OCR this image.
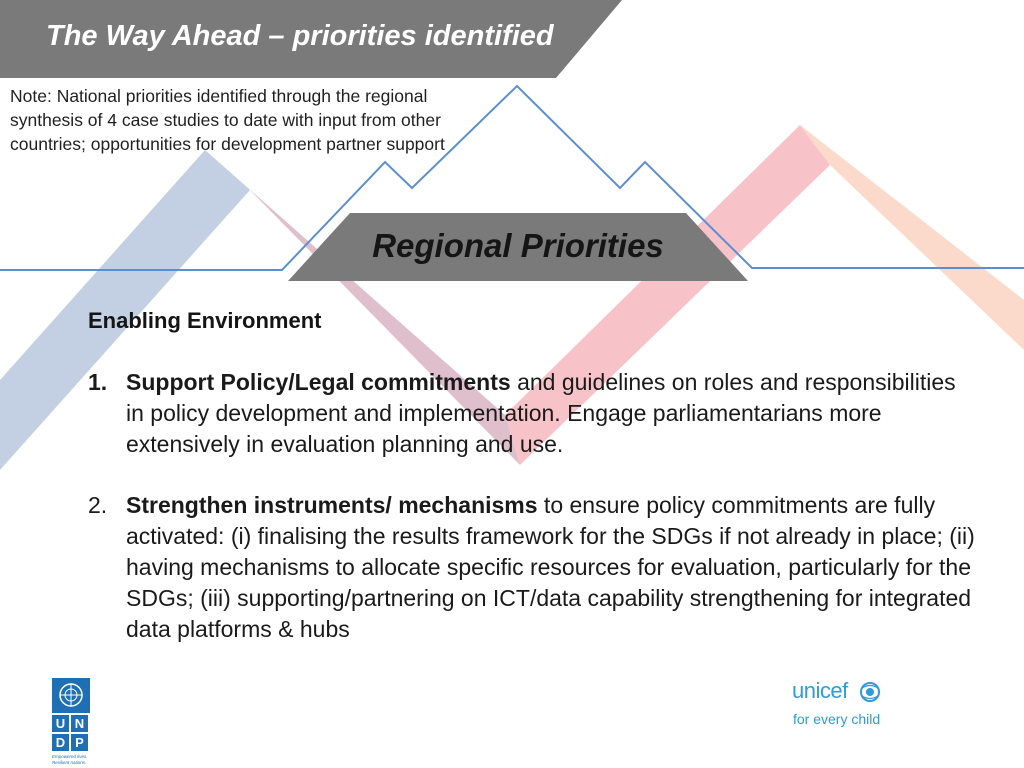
The Way Ahead – priorities identified
Note: National priorities identified through the regional synthesis of 4 case studies to date with input from other countries; opportunities for development partner support
Regional Priorities
Enabling Environment
1. Support Policy/Legal commitments and guidelines on roles and responsibilities in policy development and implementation. Engage parliamentarians more extensively in evaluation planning and use.
2. Strengthen instruments/ mechanisms to ensure policy commitments are fully activated: (i) finalising the results framework for the SDGs if not already in place; (ii) having mechanisms to allocate specific resources for evaluation, particularly for the SDGs; (iii) supporting/partnering on ICT/data capability strengthening for integrated data platforms & hubs
U N
D P
Empowered lives.
Resilient nations.
unicef
for every child
